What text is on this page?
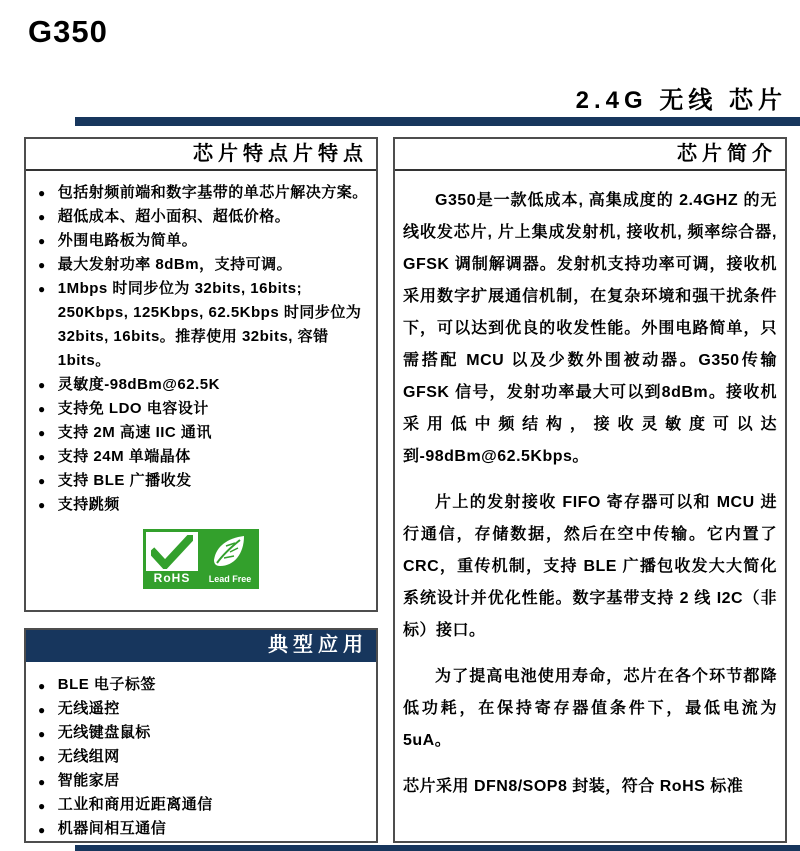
G350
2.4G 无线 芯片
芯片特点片特点
● 包括射频前端和数字基带的单芯片解决方案。
● 超低成本、超小面积、超低价格。
● 外围电路板为简单。
● 最大发射功率 8dBm，支持可调。
● 1Mbps 时同步位为 32bits, 16bits; 250Kbps, 125Kbps, 62.5Kbps 时同步位为 32bits, 16bits。推荐使用 32bits, 容错 1bits。
● 灵敏度-98dBm@62.5K
● 支持免 LDO 电容设计
● 支持 2M 高速 IIC 通讯
● 支持 24M 单端晶体
● 支持 BLE 广播收发
● 支持跳频
RoHS	Lead Free
典型应用
● BLE 电子标签
● 无线遥控
● 无线键盘鼠标
● 无线组网
● 智能家居
● 工业和商用近距离通信
● 机器间相互通信
芯片简介

G350是一款低成本, 高集成度的 2.4GHZ 的无线收发芯片, 片上集成发射机, 接收机, 频率综合器, GFSK 调制解调器。发射机支持功率可调，接收机采用数字扩展通信机制，在复杂环境和强干扰条件下，可以达到优良的收发性能。外围电路简单，只需搭配 MCU 以及少数外围被动器。G350传输 GFSK 信号，发射功率最大可以到8dBm。接收机采用低中频结构，接收灵敏度可以达到-98dBm@62.5Kbps。

片上的发射接收 FIFO 寄存器可以和 MCU 进行通信，存储数据，然后在空中传输。它内置了 CRC，重传机制，支持 BLE 广播包收发大大简化系统设计并优化性能。数字基带支持 2 线 I2C（非标）接口。

为了提高电池使用寿命，芯片在各个环节都降低功耗，在保持寄存器值条件下，最低电流为 5uA。

芯片采用 DFN8/SOP8 封装，符合 RoHS 标准
